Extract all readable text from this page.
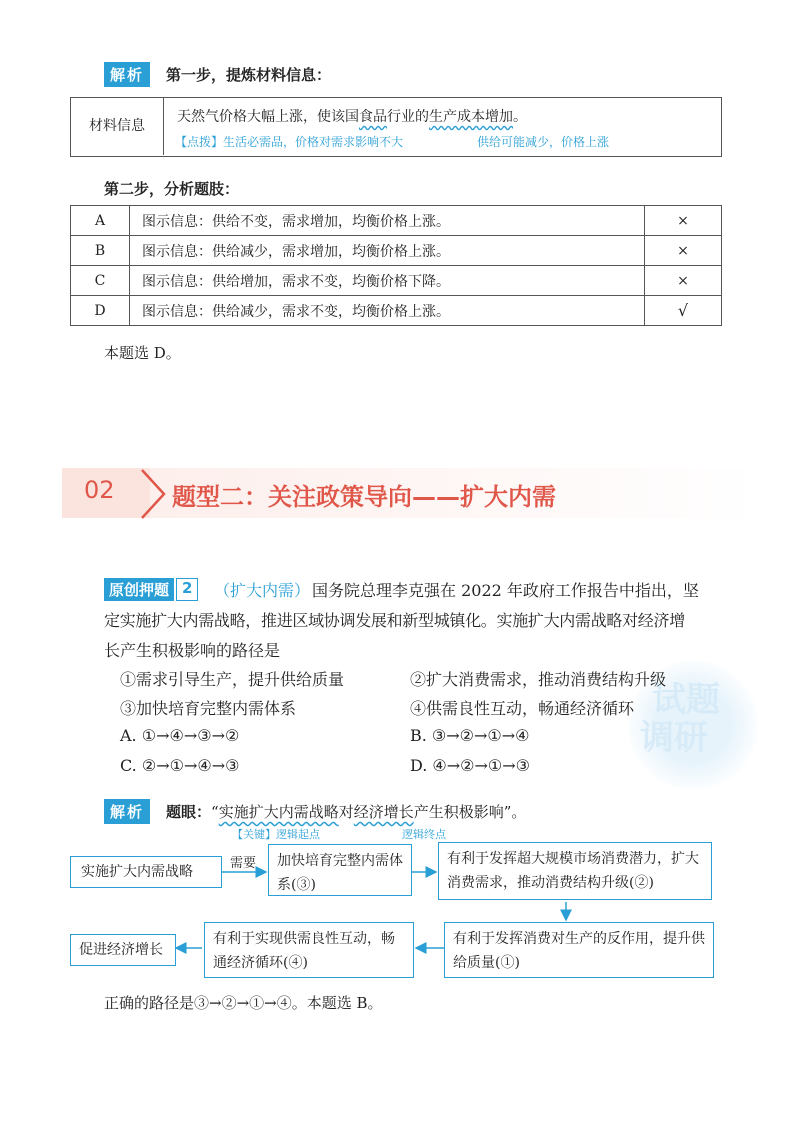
解析	第一步，提炼材料信息：
材料信息
天然气价格大幅上涨，使该国食品行业的生产成本增加。
【点拨】生活必需品，价格对需求影响不大	供给可能减少，价格上涨
第二步，分析题肢：
A	图示信息：供给不变，需求增加，均衡价格上涨。	×
B	图示信息：供给减少，需求增加，均衡价格上涨。	×
C	图示信息：供给增加，需求不变，均衡价格下降。	×
D	图示信息：供给减少，需求不变，均衡价格上涨。	√
本题选 D。
02 题型二：关注政策导向——扩大内需
试题
调研
原创押题 2	（扩大内需） 国务院总理李克强在 2022 年政府工作报告中指出，坚
定实施扩大内需战略，推进区域协调发展和新型城镇化。实施扩大内需战略对经济增
长产生积极影响的路径是
①需求引导生产，提升供给质量	②扩大消费需求，推动消费结构升级
③加快培育完整内需体系	④供需良性互动，畅通经济循环
A. ①→④→③→②	B. ③→②→①→④
C. ②→①→④→③	D. ④→②→①→③
解析	题眼：“实施扩大内需战略对经济增长产生积极影响”。
【关键】逻辑起点	逻辑终点
实施扩大内需战略
需要	加快培育完整内需体系(③)
有利于发挥超大规模市场消费潜力，扩大消费需求，推动消费结构升级(②)
有利于发挥消费对生产的反作用，提升供给质量(①)
有利于实现供需良性互动，畅通经济循环(④)
促进经济增长
正确的路径是③→②→①→④。本题选 B。
